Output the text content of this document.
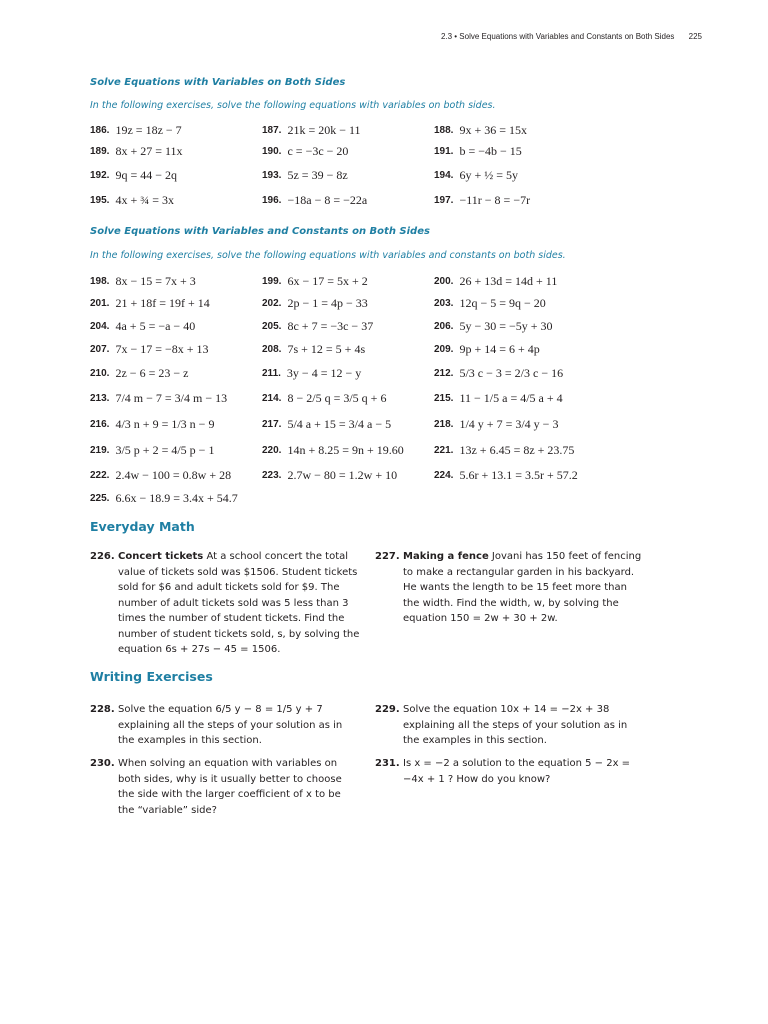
2.3 • Solve Equations with Variables and Constants on Both Sides 225
Solve Equations with Variables on Both Sides
In the following exercises, solve the following equations with variables on both sides.
186. 19z = 18z − 7	187. 21k = 20k − 11	188. 9x + 36 = 15x
189. 8x + 27 = 11x	190. c = −3c − 20	191. b = −4b − 15
192. 9q = 44 − 2q	193. 5z = 39 − 8z	194. 6y + ½ = 5y
195. 4x + ¾ = 3x	196. −18a − 8 = −22a	197. −11r − 8 = −7r
Solve Equations with Variables and Constants on Both Sides
In the following exercises, solve the following equations with variables and constants on both sides.
198. 8x − 15 = 7x + 3	199. 6x − 17 = 5x + 2	200. 26 + 13d = 14d + 11
201. 21 + 18f = 19f + 14	202. 2p − 1 = 4p − 33	203. 12q − 5 = 9q − 20
204. 4a + 5 = −a − 40	205. 8c + 7 = −3c − 37	206. 5y − 30 = −5y + 30
207. 7x − 17 = −8x + 13	208. 7s + 12 = 5 + 4s	209. 9p + 14 = 6 + 4p
210. 2z − 6 = 23 − z	211. 3y − 4 = 12 − y	212. 5/3 c − 3 = 2/3 c − 16
213. 7/4 m − 7 = 3/4 m − 13	214. 8 − 2/5 q = 3/5 q + 6	215. 11 − 1/5 a = 4/5 a + 4
216. 4/3 n + 9 = 1/3 n − 9	217. 5/4 a + 15 = 3/4 a − 5	218. 1/4 y + 7 = 3/4 y − 3
219. 3/5 p + 2 = 4/5 p − 1	220. 14n + 8.25 = 9n + 19.60	221. 13z + 6.45 = 8z + 23.75
222. 2.4w − 100 = 0.8w + 28	223. 2.7w − 80 = 1.2w + 10	224. 5.6r + 13.1 = 3.5r + 57.2
225. 6.6x − 18.9 = 3.4x + 54.7
Everyday Math
226. Concert tickets At a school concert the total value of tickets sold was $1506. Student tickets sold for $6 and adult tickets sold for $9. The number of adult tickets sold was 5 less than 3 times the number of student tickets. Find the number of student tickets sold, s, by solving the equation 6s + 27s − 45 = 1506.
227. Making a fence Jovani has 150 feet of fencing to make a rectangular garden in his backyard. He wants the length to be 15 feet more than the width. Find the width, w, by solving the equation 150 = 2w + 30 + 2w.
Writing Exercises
228. Solve the equation 6/5 y − 8 = 1/5 y + 7 explaining all the steps of your solution as in the examples in this section.
229. Solve the equation 10x + 14 = −2x + 38 explaining all the steps of your solution as in the examples in this section.
230. When solving an equation with variables on both sides, why is it usually better to choose the side with the larger coefficient of x to be the “variable” side?
231. Is x = −2 a solution to the equation 5 − 2x = −4x + 1 ? How do you know?
